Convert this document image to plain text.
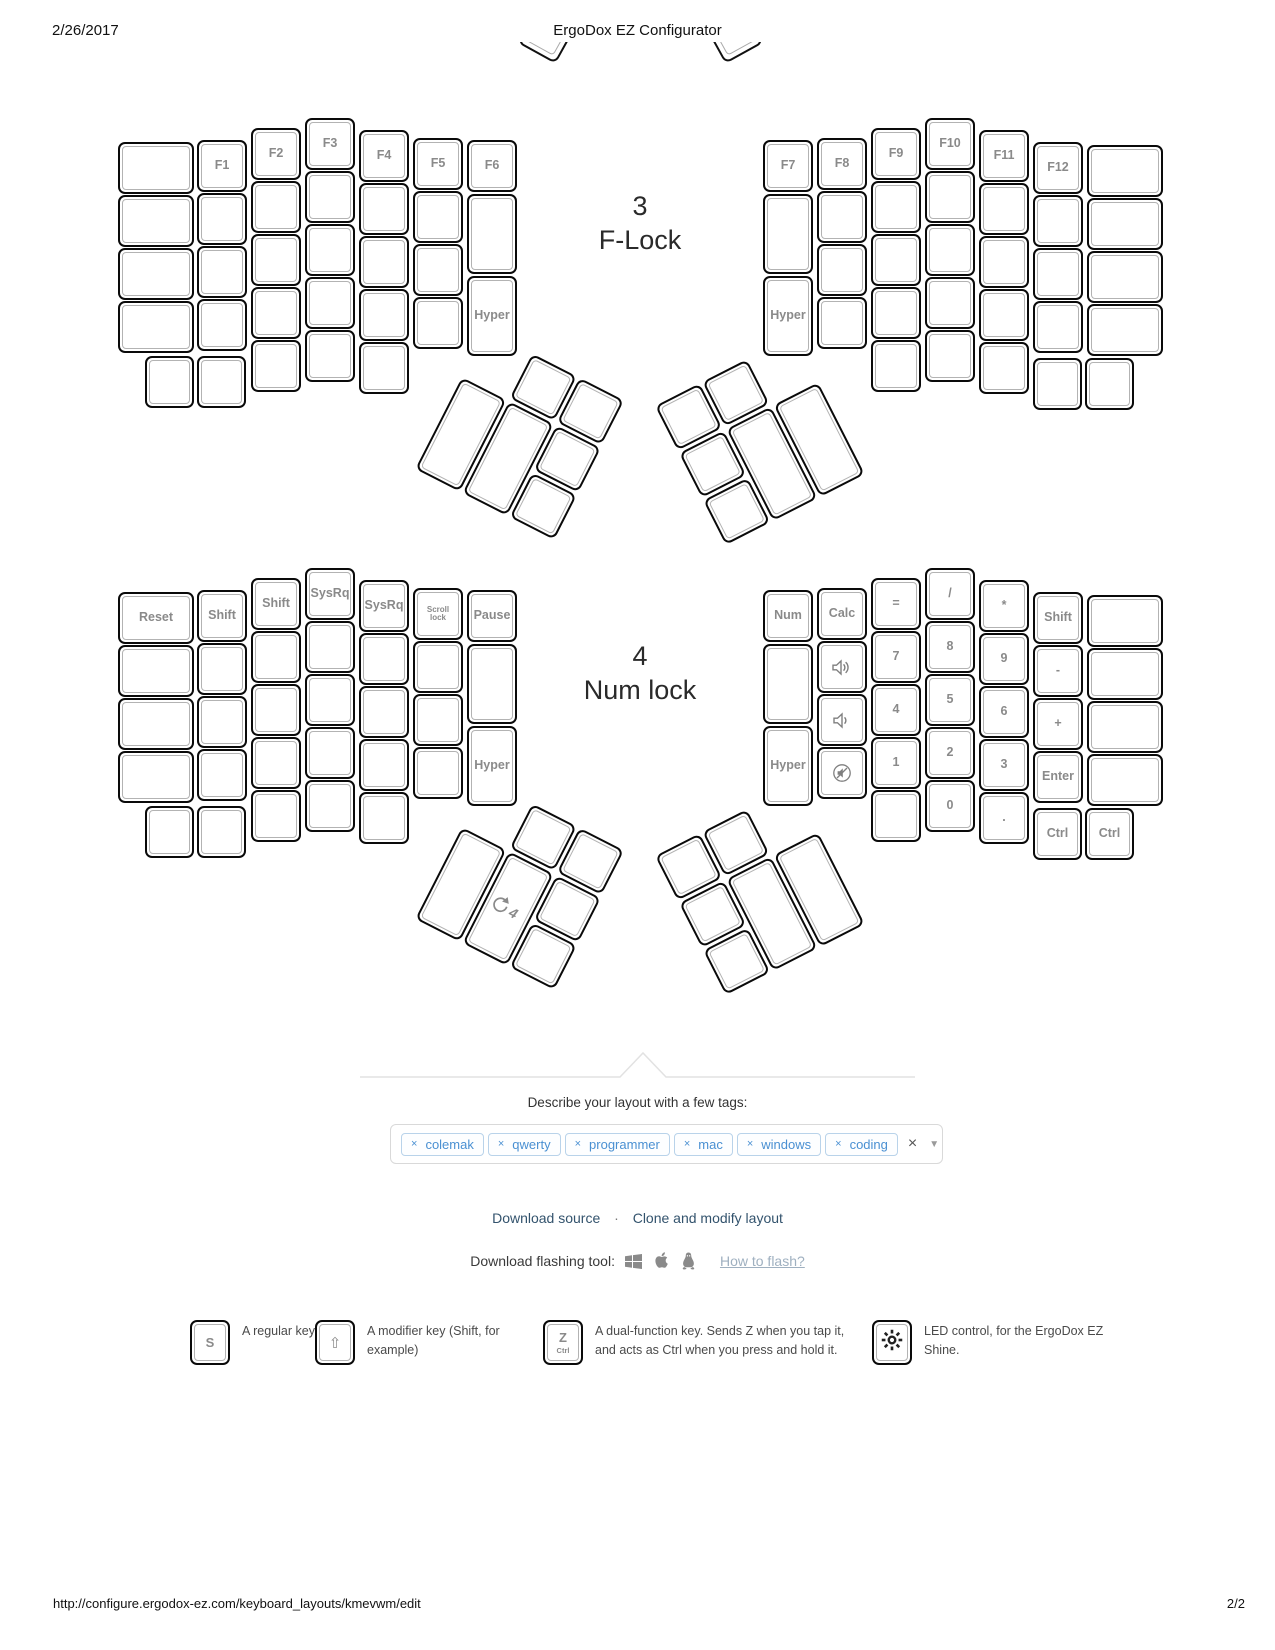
2/26/2017	ErgoDox EZ Configurator
3
F-Lock
F1
F2
F3
F4
F5	F6
Hyper
F7
Hyper
F8
F9
F10
F11
F12
4
Num lock
Reset	Shift
Shift
SysRq
SysRq	Scroll lock	Pause
Hyper
Num
Hyper
Calc
=
7
4
1
/
8
5
2
0
*
9
6
3
.
Shift
-
+
Enter
Ctrl	Ctrl
4
Describe your layout with a few tags:
× colemak × qwerty × programmer × mac × windows × coding × ▼
Download source · Clone and modify layout
Download flashing tool:	How to flash?
S
A regular key
⇧
A modifier key (Shift, for example)
Z
Ctrl
A dual-function key. Sends Z when you tap it, and acts as Ctrl when you press and hold it.
LED control, for the ErgoDox EZ Shine.
http://configure.ergodox-ez.com/keyboard_layouts/kmevwm/edit	2/2
